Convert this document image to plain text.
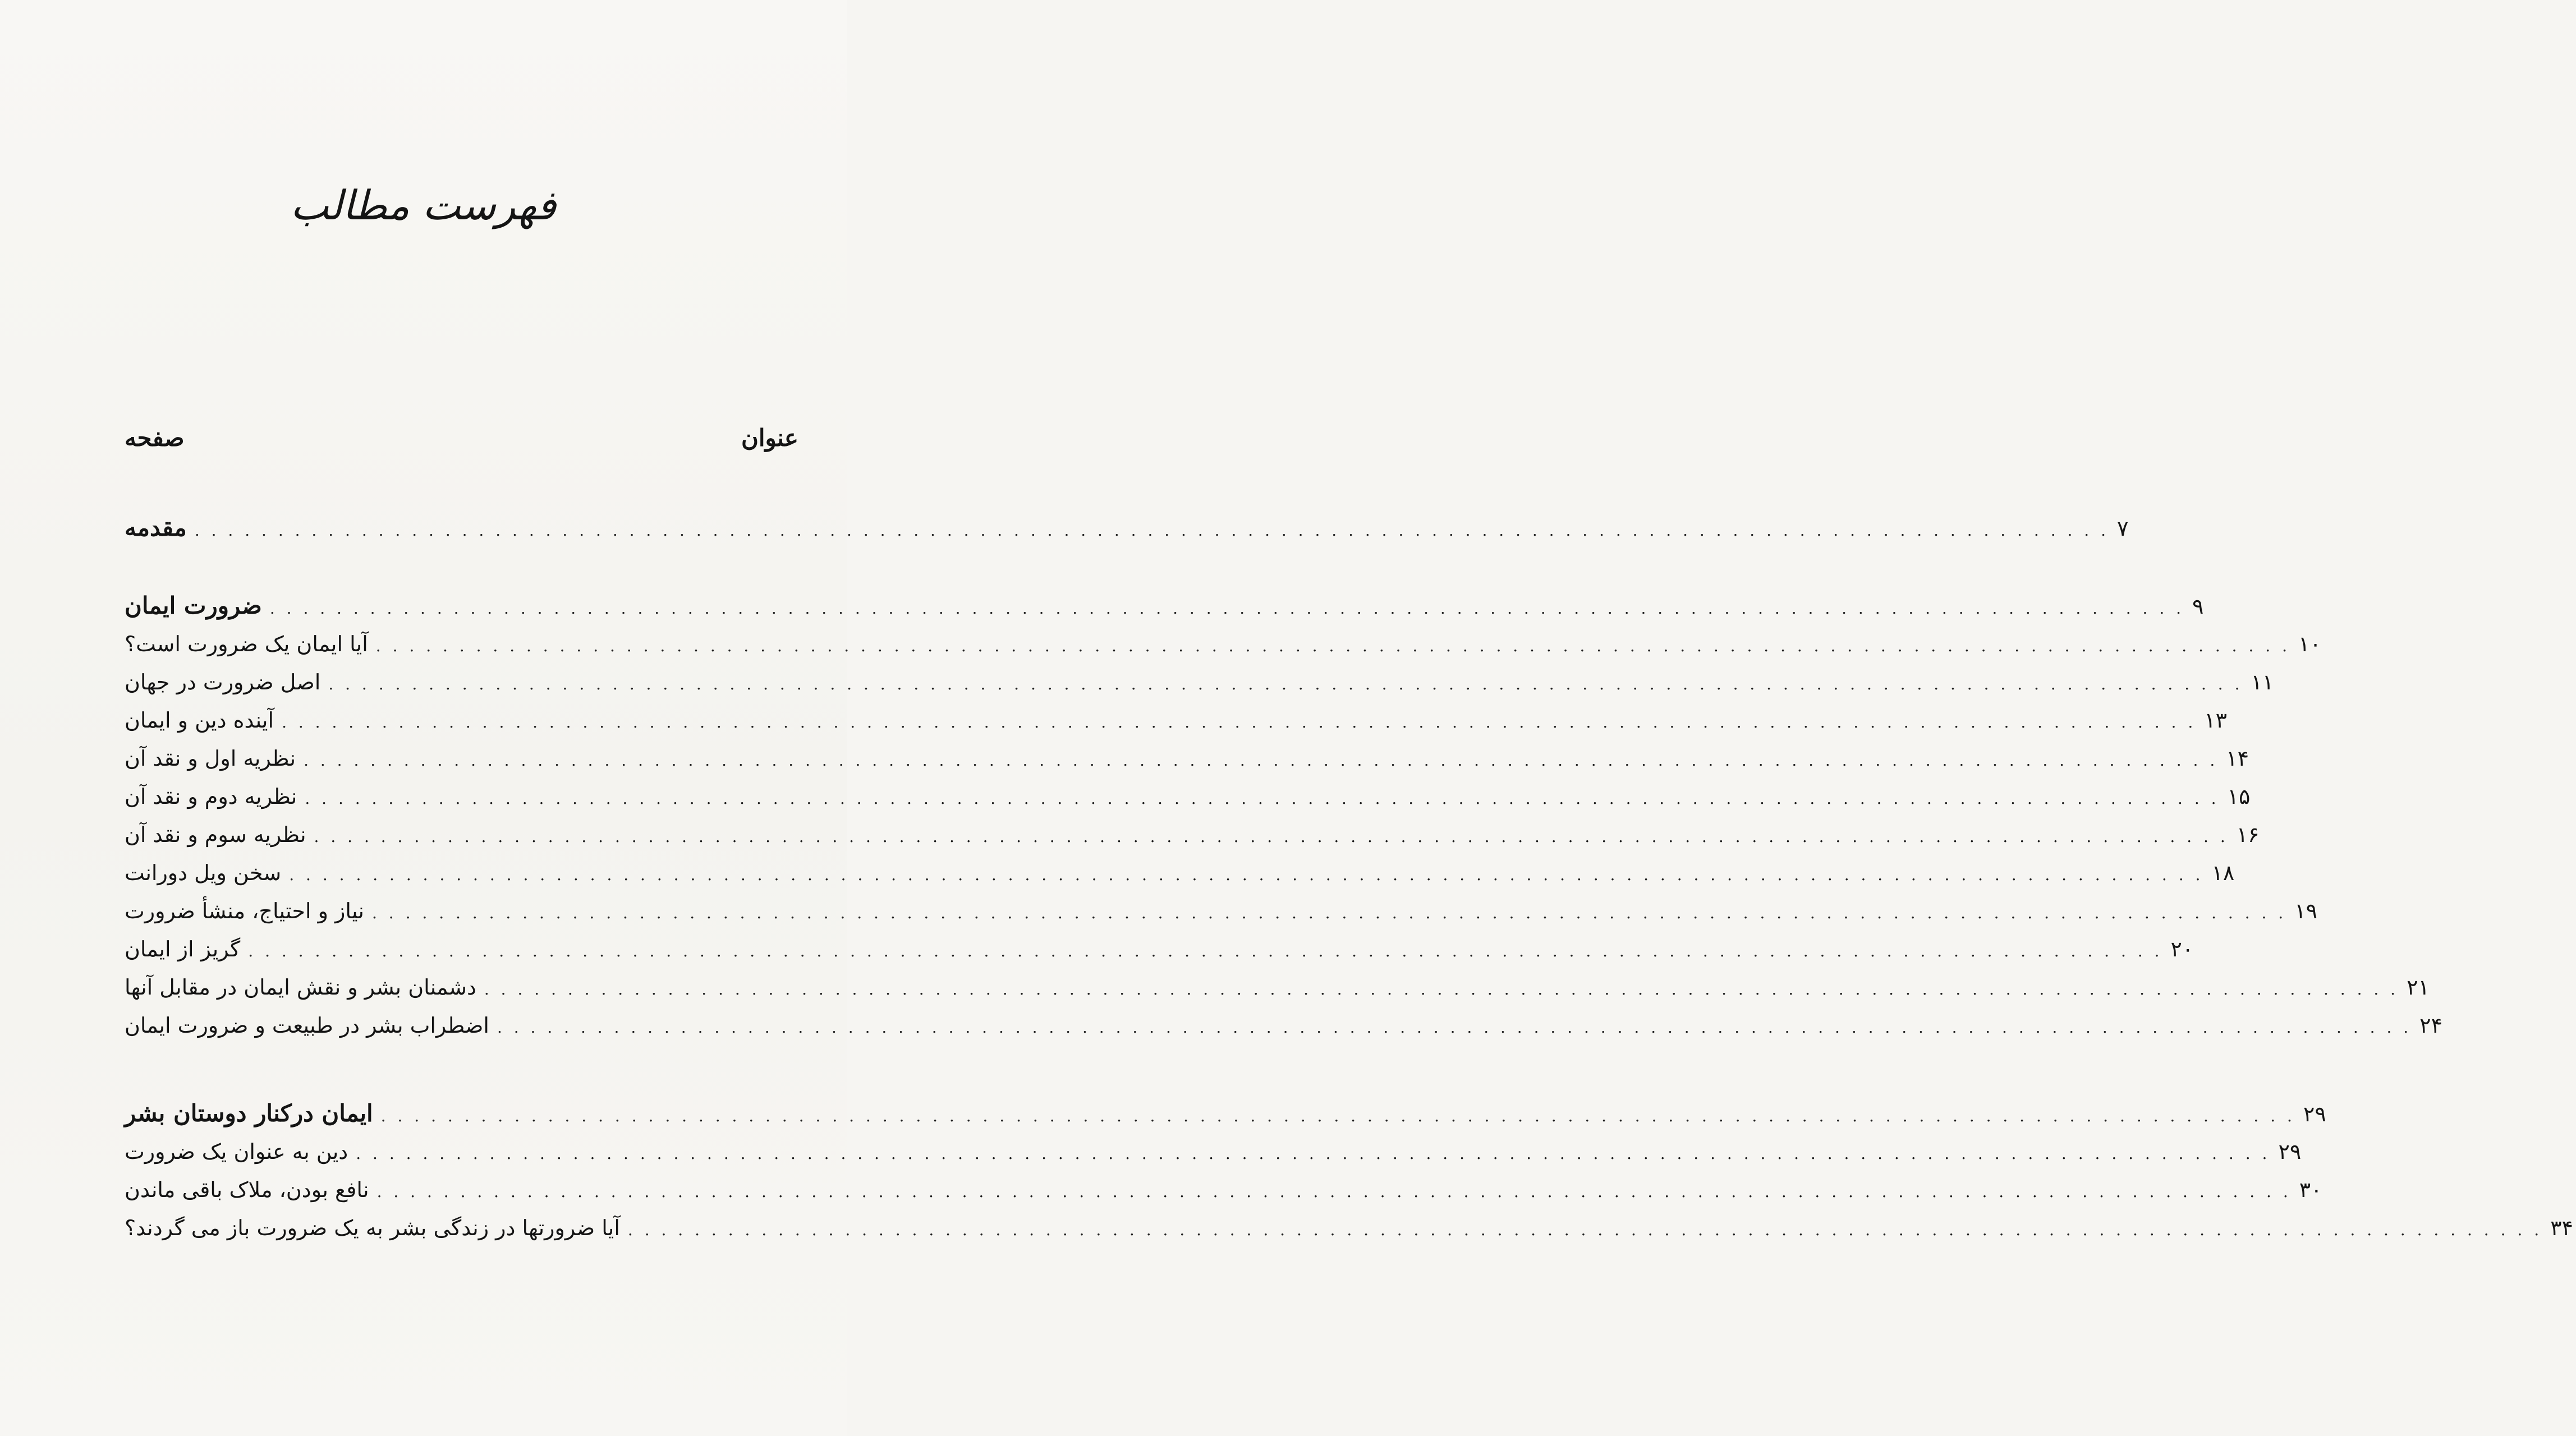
فهرست مطالب
عنوان
صفحه
مقدمه . . . . . . . . . . . . . . . . . . . . . . . . . . . . . . . . . . . . . . . . . . . . . . . . . . . . . . . . . . . . . . . . . . . . . . . . . . . . . . . . . . . . . . . . . . . . . . . . . . . . . . . . . . . . . . . . . . . ۷
ضرورت ایمان . . . . . . . . . . . . . . . . . . . . . . . . . . . . . . . . . . . . . . . . . . . . . . . . . . . . . . . . . . . . . . . . . . . . . . . . . . . . . . . . . . . . . . . . . . . . . . . . . . . . . . . . . . . . . . . . . . . ۹
آیا ایمان یک ضرورت است؟ . . . . . . . . . . . . . . . . . . . . . . . . . . . . . . . . . . . . . . . . . . . . . . . . . . . . . . . . . . . . . . . . . . . . . . . . . . . . . . . . . . . . . . . . . . . . . . . . . . . . . . . . . . . . . . . . . . . ۱۰
اصل ضرورت در جهان . . . . . . . . . . . . . . . . . . . . . . . . . . . . . . . . . . . . . . . . . . . . . . . . . . . . . . . . . . . . . . . . . . . . . . . . . . . . . . . . . . . . . . . . . . . . . . . . . . . . . . . . . . . . . . . . . . . ۱۱
آینده دین و ایمان . . . . . . . . . . . . . . . . . . . . . . . . . . . . . . . . . . . . . . . . . . . . . . . . . . . . . . . . . . . . . . . . . . . . . . . . . . . . . . . . . . . . . . . . . . . . . . . . . . . . . . . . . . . . . . . . . . . ۱۳
نظریه اول و نقد آن . . . . . . . . . . . . . . . . . . . . . . . . . . . . . . . . . . . . . . . . . . . . . . . . . . . . . . . . . . . . . . . . . . . . . . . . . . . . . . . . . . . . . . . . . . . . . . . . . . . . . . . . . . . . . . . . . . . ۱۴
نظریه دوم و نقد آن . . . . . . . . . . . . . . . . . . . . . . . . . . . . . . . . . . . . . . . . . . . . . . . . . . . . . . . . . . . . . . . . . . . . . . . . . . . . . . . . . . . . . . . . . . . . . . . . . . . . . . . . . . . . . . . . . . . ۱۵
نظریه سوم و نقد آن . . . . . . . . . . . . . . . . . . . . . . . . . . . . . . . . . . . . . . . . . . . . . . . . . . . . . . . . . . . . . . . . . . . . . . . . . . . . . . . . . . . . . . . . . . . . . . . . . . . . . . . . . . . . . . . . . . . ۱۶
سخن ویل دورانت . . . . . . . . . . . . . . . . . . . . . . . . . . . . . . . . . . . . . . . . . . . . . . . . . . . . . . . . . . . . . . . . . . . . . . . . . . . . . . . . . . . . . . . . . . . . . . . . . . . . . . . . . . . . . . . . . . . ۱۸
نیاز و احتیاج، منشأ ضرورت . . . . . . . . . . . . . . . . . . . . . . . . . . . . . . . . . . . . . . . . . . . . . . . . . . . . . . . . . . . . . . . . . . . . . . . . . . . . . . . . . . . . . . . . . . . . . . . . . . . . . . . . . . . . . . . . . . . ۱۹
گریز از ایمان . . . . . . . . . . . . . . . . . . . . . . . . . . . . . . . . . . . . . . . . . . . . . . . . . . . . . . . . . . . . . . . . . . . . . . . . . . . . . . . . . . . . . . . . . . . . . . . . . . . . . . . . . . . . . . . . . . . ۲۰
دشمنان بشر و نقش ایمان در مقابل آنها . . . . . . . . . . . . . . . . . . . . . . . . . . . . . . . . . . . . . . . . . . . . . . . . . . . . . . . . . . . . . . . . . . . . . . . . . . . . . . . . . . . . . . . . . . . . . . . . . . . . . . . . . . . . . . . . . . . ۲۱
اضطراب بشر در طبیعت و ضرورت ایمان . . . . . . . . . . . . . . . . . . . . . . . . . . . . . . . . . . . . . . . . . . . . . . . . . . . . . . . . . . . . . . . . . . . . . . . . . . . . . . . . . . . . . . . . . . . . . . . . . . . . . . . . . . . . . . . . . . . ۲۴
ایمان درکنار دوستان بشر . . . . . . . . . . . . . . . . . . . . . . . . . . . . . . . . . . . . . . . . . . . . . . . . . . . . . . . . . . . . . . . . . . . . . . . . . . . . . . . . . . . . . . . . . . . . . . . . . . . . . . . . . . . . . . . . . . . ۲۹
دین به عنوان یک ضرورت . . . . . . . . . . . . . . . . . . . . . . . . . . . . . . . . . . . . . . . . . . . . . . . . . . . . . . . . . . . . . . . . . . . . . . . . . . . . . . . . . . . . . . . . . . . . . . . . . . . . . . . . . . . . . . . . . . . ۲۹
نافع بودن، ملاک باقی ماندن . . . . . . . . . . . . . . . . . . . . . . . . . . . . . . . . . . . . . . . . . . . . . . . . . . . . . . . . . . . . . . . . . . . . . . . . . . . . . . . . . . . . . . . . . . . . . . . . . . . . . . . . . . . . . . . . . . . ۳۰
آیا ضرورتها در زندگی بشر به یک ضرورت باز می گردند؟ . . . . . . . . . . . . . . . . . . . . . . . . . . . . . . . . . . . . . . . . . . . . . . . . . . . . . . . . . . . . . . . . . . . . . . . . . . . . . . . . . . . . . . . . . . . . . . . . . . . . . . . . . . . . . . . . . . . ۳۴
